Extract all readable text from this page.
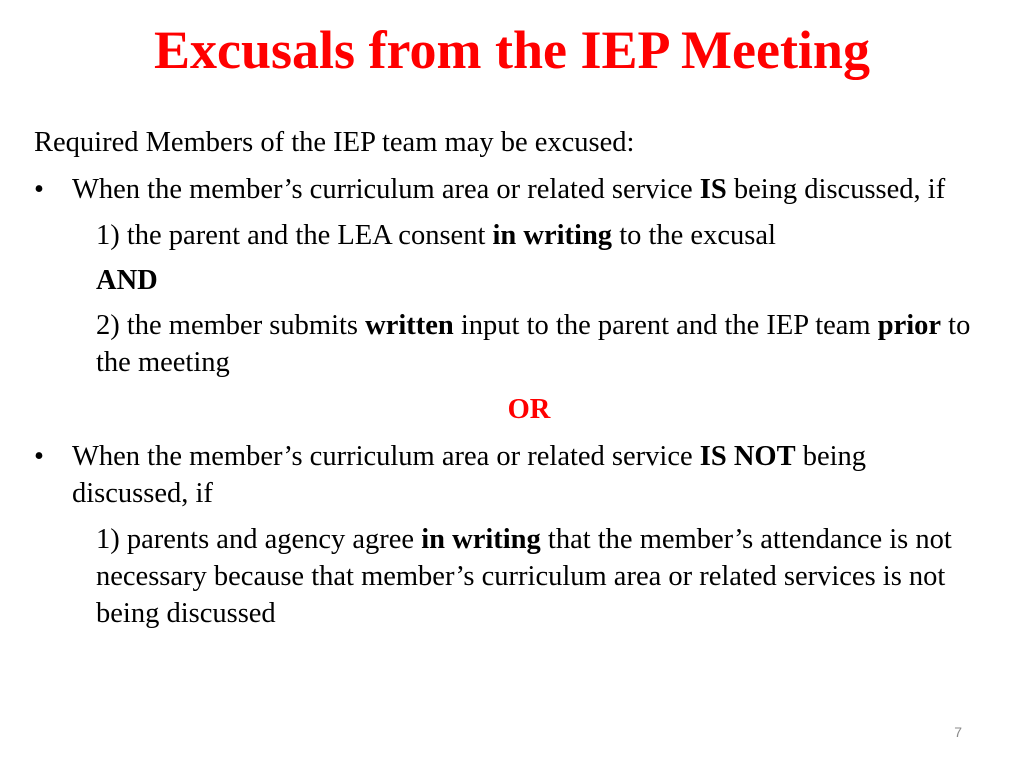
Excusals from the IEP Meeting

Required Members of the IEP team may be excused:

• When the member’s curriculum area or related service IS being discussed, if
1) the parent and the LEA consent in writing to the excusal
AND
2) the member submits written input to the parent and the IEP team prior to the meeting
OR
• When the member’s curriculum area or related service IS NOT being discussed, if
1) parents and agency agree in writing that the member’s attendance is not necessary because that member’s curriculum area or related services is not being discussed
7
